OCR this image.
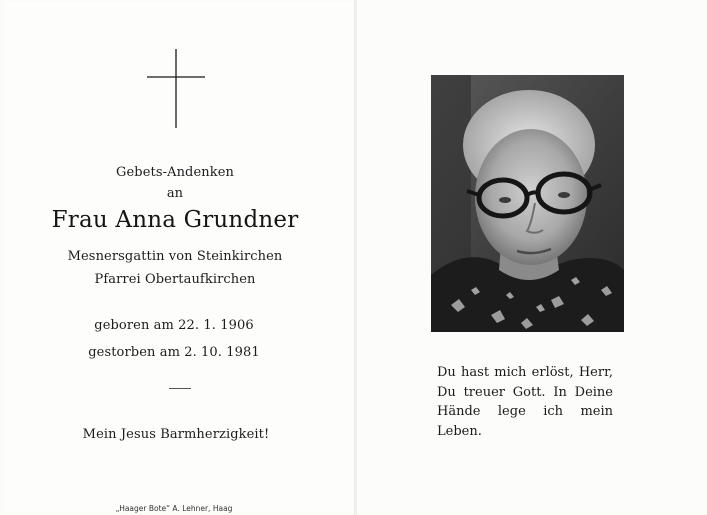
Gebets-Andenken
an
Frau Anna Grundner
Mesnersgattin von Steinkirchen
Pfarrei Obertaufkirchen
geboren am 22. 1. 1906
gestorben am 2. 10. 1981
Mein Jesus Barmherzigkeit!
„Haager Bote“ A. Lehner, Haag
Du hast mich erlöst, Herr,
Du treuer Gott. In Deine
Hände lege ich mein Leben.
